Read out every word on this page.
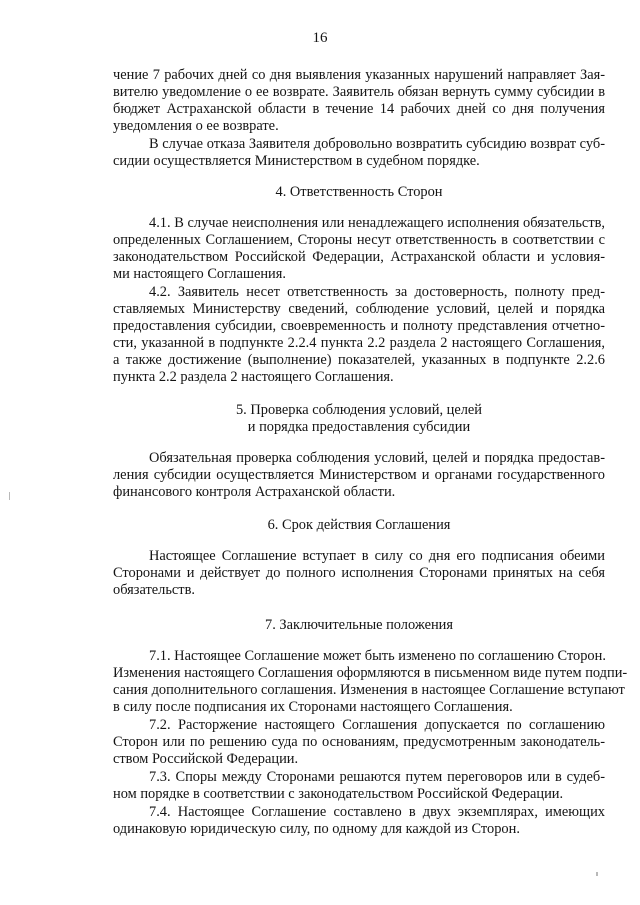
16
чение 7 рабочих дней со дня выявления указанных нарушений направляет Зая-
вителю уведомление о ее возврате. Заявитель обязан вернуть сумму субсидии в
бюджет Астраханской области в течение 14 рабочих дней со дня получения
уведомления о ее возврате.
В случае отказа Заявителя добровольно возвратить субсидию возврат суб-
сидии осуществляется Министерством в судебном порядке.
4. Ответственность Сторон
4.1. В случае неисполнения или ненадлежащего исполнения обязательств,
определенных Соглашением, Стороны несут ответственность в соответствии с
законодательством Российской Федерации, Астраханской области и условия-
ми настоящего Соглашения.
4.2. Заявитель несет ответственность за достоверность, полноту пред-
ставляемых Министерству сведений, соблюдение условий, целей и порядка
предоставления субсидии, своевременность и полноту представления отчетно-
сти, указанной в подпункте 2.2.4 пункта 2.2 раздела 2 настоящего Соглашения,
а также достижение (выполнение) показателей, указанных в подпункте 2.2.6
пункта 2.2 раздела 2 настоящего Соглашения.
5. Проверка соблюдения условий, целей
и порядка предоставления субсидии
Обязательная проверка соблюдения условий, целей и порядка предостав-
ления субсидии осуществляется Министерством и органами государственного
финансового контроля Астраханской области.
6. Срок действия Соглашения
Настоящее Соглашение вступает в силу со дня его подписания обеими
Сторонами и действует до полного исполнения Сторонами принятых на себя
обязательств.
7. Заключительные положения
7.1. Настоящее Соглашение может быть изменено по соглашению Сторон.
Изменения настоящего Соглашения оформляются в письменном виде путем подпи-
сания дополнительного соглашения. Изменения в настоящее Соглашение вступают
в силу после подписания их Сторонами настоящего Соглашения.
7.2. Расторжение настоящего Соглашения допускается по соглашению
Сторон или по решению суда по основаниям, предусмотренным законодатель-
ством Российской Федерации.
7.3. Споры между Сторонами решаются путем переговоров или в судеб-
ном порядке в соответствии с законодательством Российской Федерации.
7.4. Настоящее Соглашение составлено в двух экземплярах, имеющих
одинаковую юридическую силу, по одному для каждой из Сторон.
